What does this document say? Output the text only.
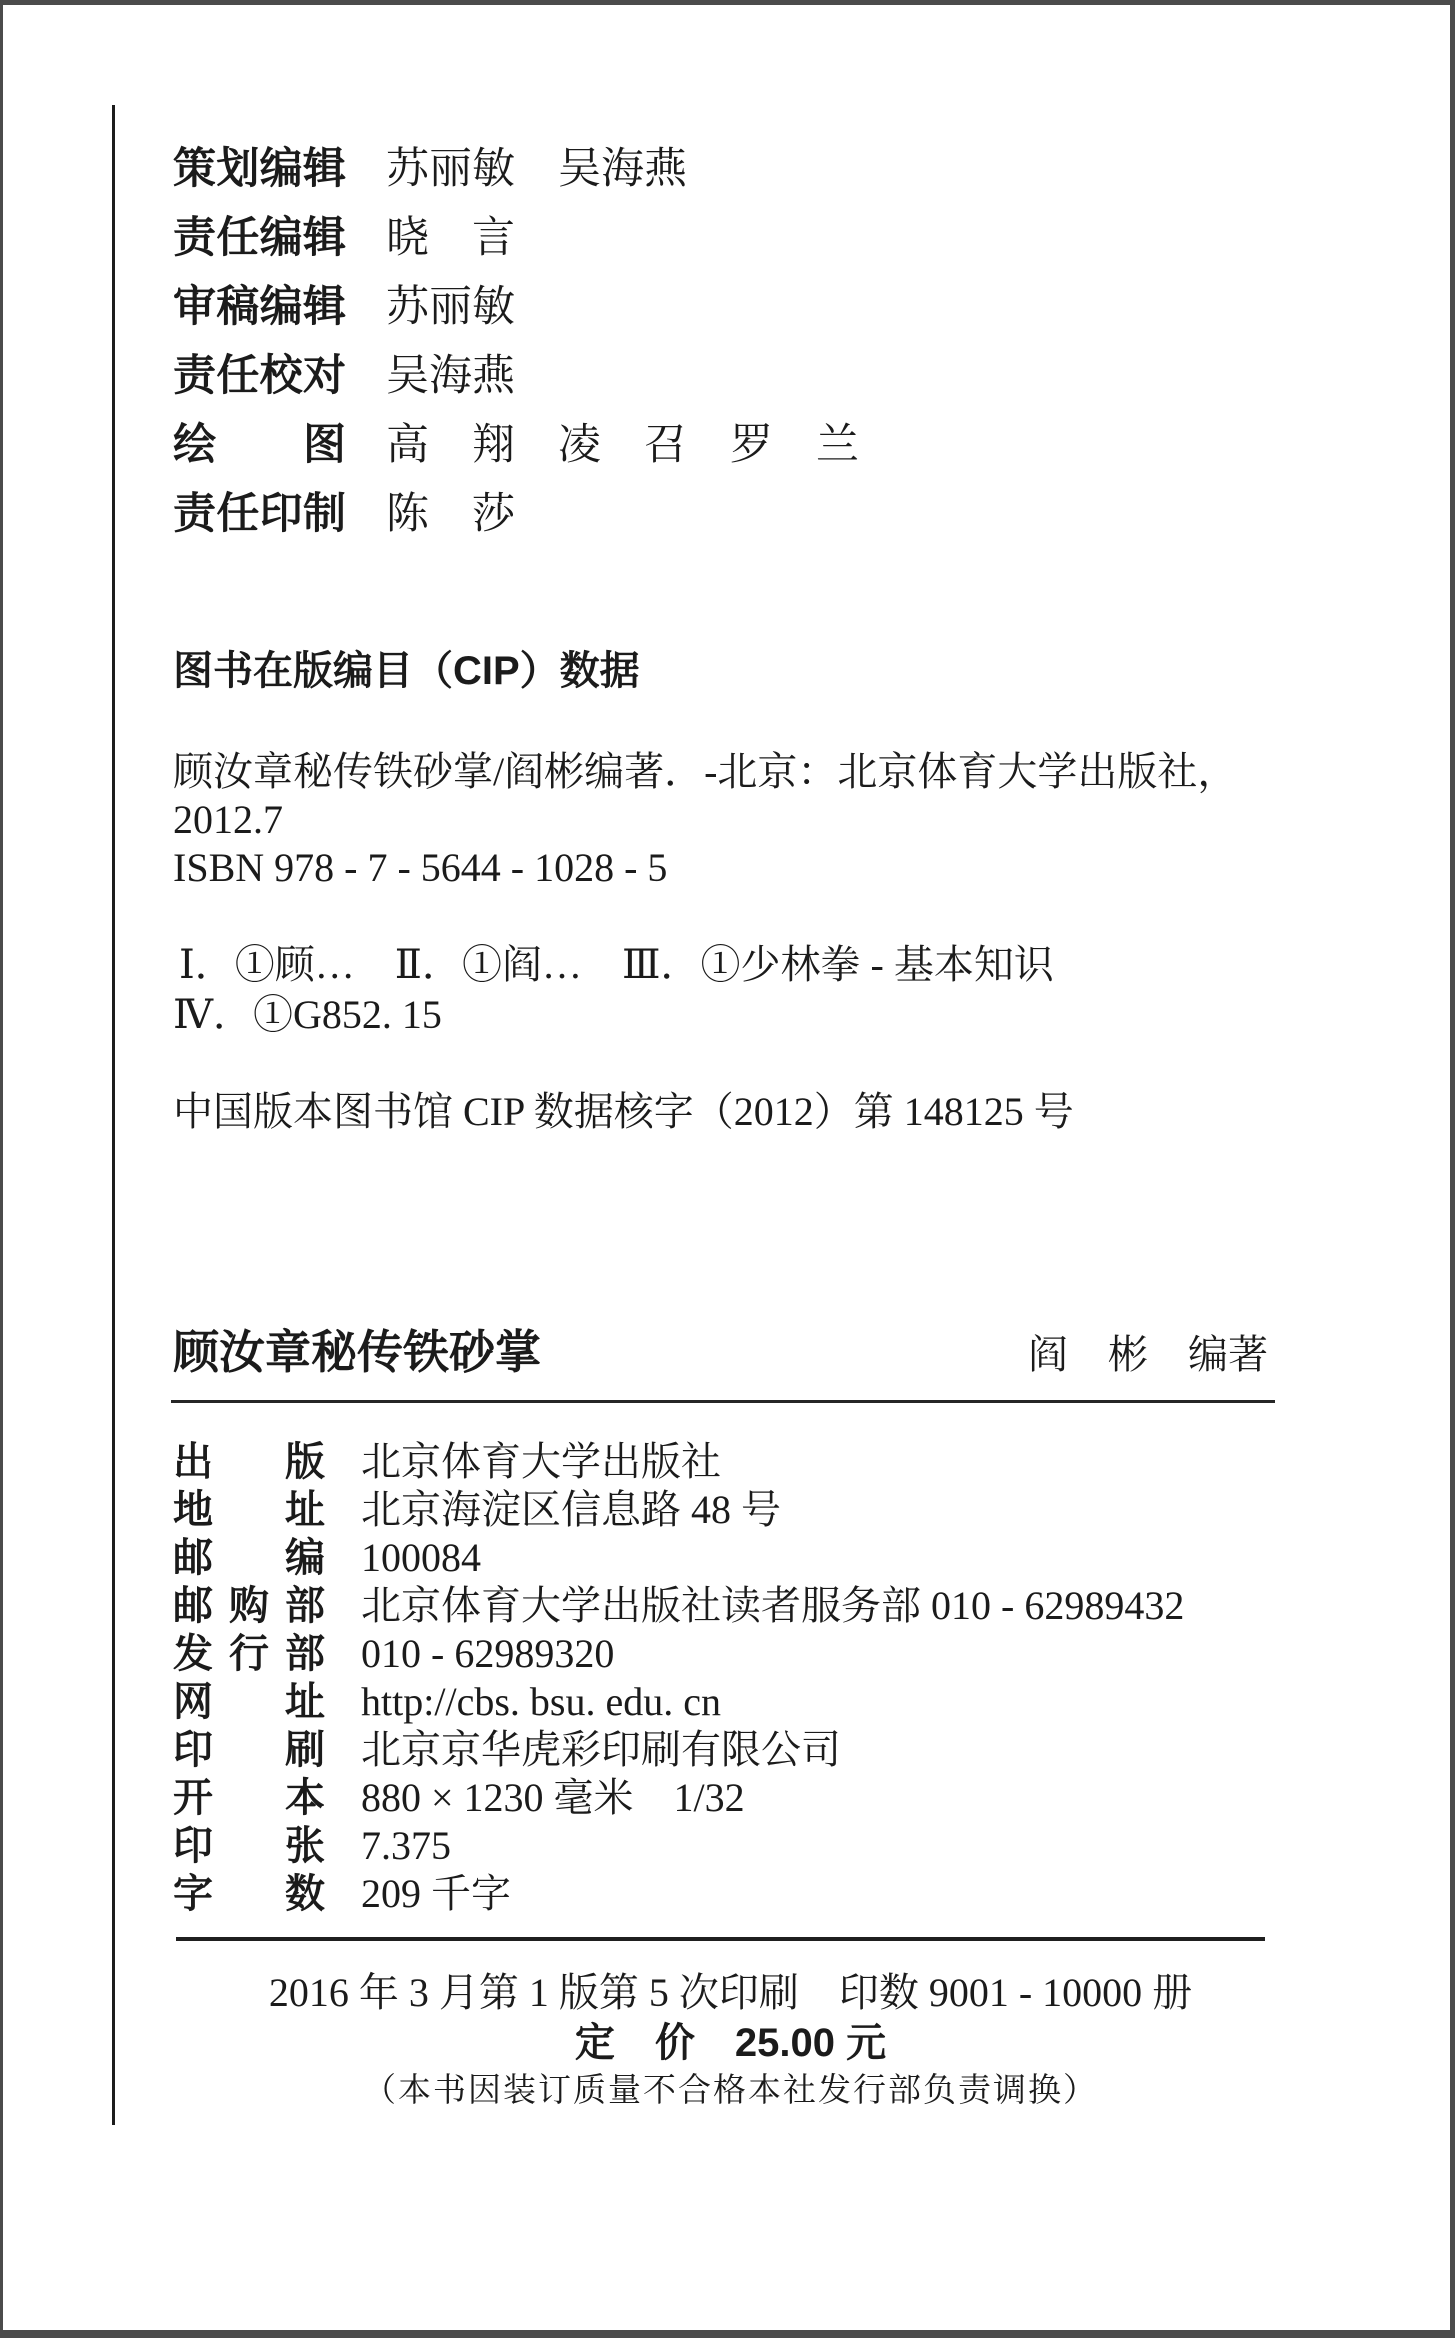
策划编辑 苏丽敏　吴海燕
责任编辑 晓　言
审稿编辑 苏丽敏
责任校对 吴海燕
绘图 高　翔　凌　召　罗　兰
责任印制 陈　莎
图书在版编目（CIP）数据
顾汝章秘传铁砂掌/阎彬编著．-北京：北京体育大学出版社，
2012.7
ISBN 978 - 7 - 5644 - 1028 - 5
Ⅰ．①顾…　Ⅱ．①阎…　Ⅲ．①少林拳 - 基本知识
Ⅳ．①G852. 15
中国版本图书馆 CIP 数据核字（2012）第 148125 号
顾汝章秘传铁砂掌	阎　彬　编著
出版 北京体育大学出版社
地址 北京海淀区信息路 48 号
邮编 100084
邮购部 北京体育大学出版社读者服务部 010 - 62989432
发行部 010 - 62989320
网址 http://cbs. bsu. edu. cn
印刷 北京京华虎彩印刷有限公司
开本 880 × 1230 毫米　1/32
印张 7.375
字数 209 千字
2016 年 3 月第 1 版第 5 次印刷　印数 9001 - 10000 册
定　价　25.00 元
（本书因装订质量不合格本社发行部负责调换）
